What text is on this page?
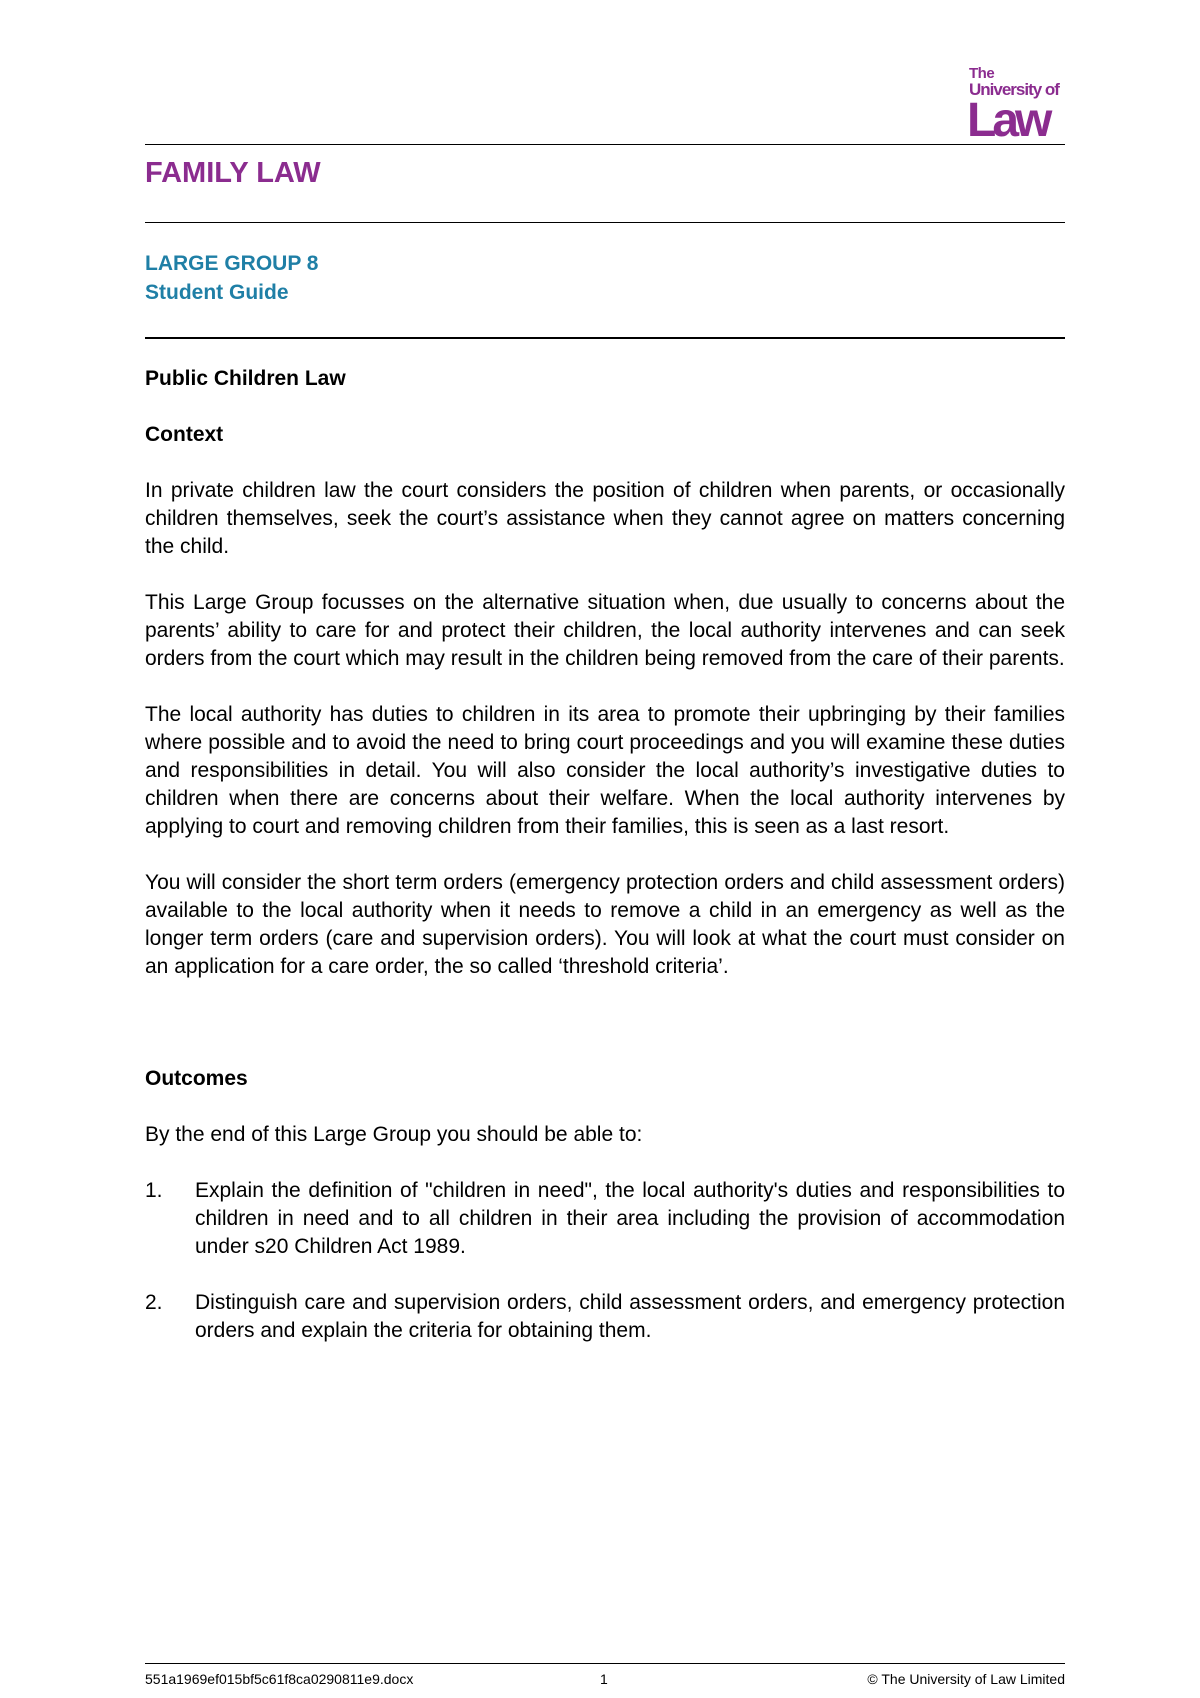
The
University of
Law
FAMILY LAW
LARGE GROUP 8
Student Guide
Public Children Law
Context

In private children law the court considers the position of children when parents, or occasionally children themselves, seek the court’s assistance when they cannot agree on matters concerning the child.

This Large Group focusses on the alternative situation when, due usually to concerns about the parents’ ability to care for and protect their children, the local authority intervenes and can seek orders from the court which may result in the children being removed from the care of their parents.

The local authority has duties to children in its area to promote their upbringing by their families where possible and to avoid the need to bring court proceedings and you will examine these duties and responsibilities in detail. You will also consider the local authority’s investigative duties to children when there are concerns about their welfare. When the local authority intervenes by applying to court and removing children from their families, this is seen as a last resort.

You will consider the short term orders (emergency protection orders and child assessment orders) available to the local authority when it needs to remove a child in an emergency as well as the longer term orders (care and supervision orders). You will look at what the court must consider on an application for a care order, the so called ‘threshold criteria’.

Outcomes

By the end of this Large Group you should be able to:

1. Explain the definition of "children in need", the local authority's duties and responsibilities to children in need and to all children in their area including the provision of accommodation under s20 Children Act 1989.
2. Distinguish care and supervision orders, child assessment orders, and emergency protection orders and explain the criteria for obtaining them.
551a1969ef015bf5c61f8ca0290811e9.docx	1	© The University of Law Limited
